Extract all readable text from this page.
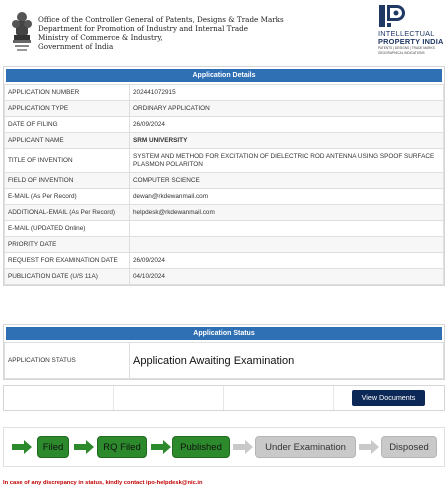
Office of the Controller General of Patents, Designs & Trade Marks
Department for Promotion of Industry and Internal Trade
Ministry of Commerce & Industry,
Government of India
INTELLECTUAL
PROPERTY INDIA
PATENTS | DESIGNS | TRADE MARKS
GEOGRAPHICAL INDICATIONS
Application Details
APPLICATION NUMBER	202441072915
APPLICATION TYPE	ORDINARY APPLICATION
DATE OF FILING	26/09/2024
APPLICANT NAME	SRM UNIVERSITY
TITLE OF INVENTION	SYSTEM AND METHOD FOR EXCITATION OF DIELECTRIC ROD ANTENNA USING SPOOF SURFACE PLASMON POLARITON
FIELD OF INVENTION	COMPUTER SCIENCE
E-MAIL (As Per Record)	dewan@rkdewanmail.com
ADDITIONAL-EMAIL (As Per Record)	helpdesk@rkdewanmail.com
E-MAIL (UPDATED Online)	
PRIORITY DATE	
REQUEST FOR EXAMINATION DATE	26/09/2024
PUBLICATION DATE (U/S 11A)	04/10/2024
Application Status
APPLICATION STATUS	Application Awaiting Examination
View Documents
Filed	RQ Filed	Published	Under Examination	Disposed
In case of any discrepancy in status, kindly contact ipo-helpdesk@nic.in
